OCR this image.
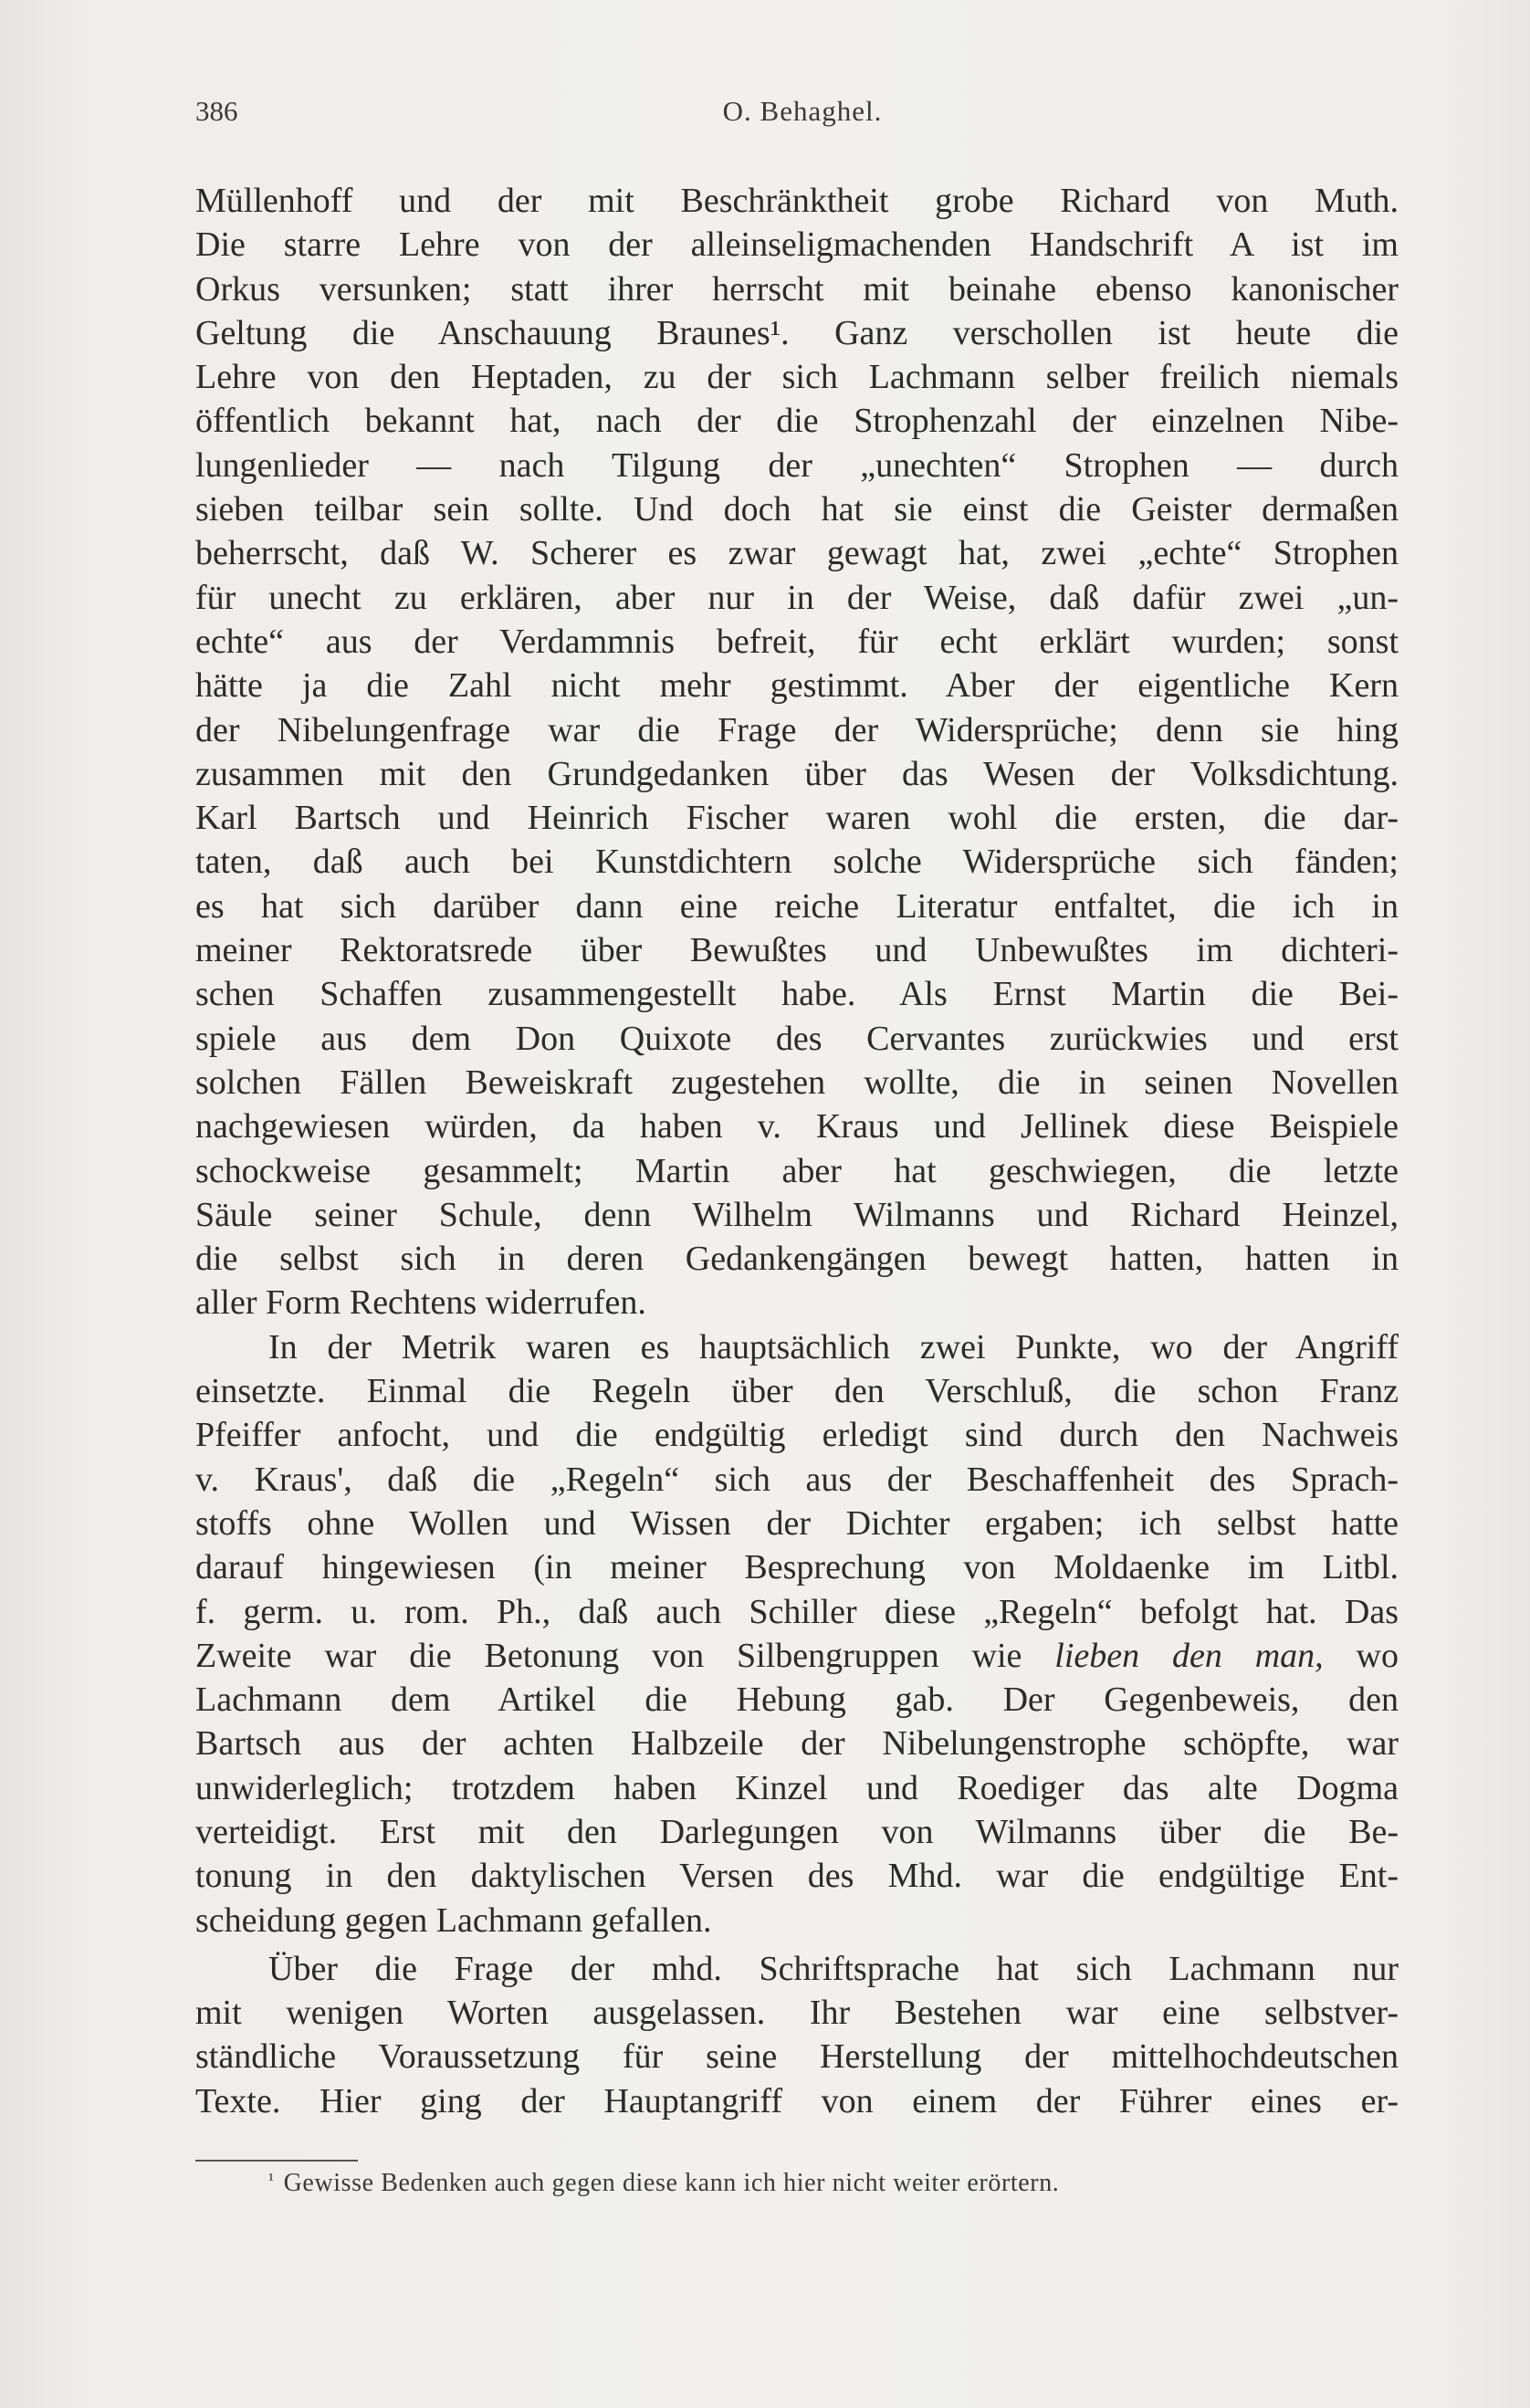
386	O. Behaghel.
Müllenhoff und der mit Beschränktheit grobe Richard von Muth.
Die starre Lehre von der alleinseligmachenden Handschrift A ist im
Orkus versunken; statt ihrer herrscht mit beinahe ebenso kanonischer
Geltung die Anschauung Braunes¹. Ganz verschollen ist heute die
Lehre von den Heptaden, zu der sich Lachmann selber freilich niemals
öffentlich bekannt hat, nach der die Strophenzahl der einzelnen Nibe-
lungenlieder — nach Tilgung der „unechten“ Strophen — durch
sieben teilbar sein sollte. Und doch hat sie einst die Geister dermaßen
beherrscht, daß W. Scherer es zwar gewagt hat, zwei „echte“ Strophen
für unecht zu erklären, aber nur in der Weise, daß dafür zwei „un-
echte“ aus der Verdammnis befreit, für echt erklärt wurden; sonst
hätte ja die Zahl nicht mehr gestimmt. Aber der eigentliche Kern
der Nibelungenfrage war die Frage der Widersprüche; denn sie hing
zusammen mit den Grundgedanken über das Wesen der Volksdichtung.
Karl Bartsch und Heinrich Fischer waren wohl die ersten, die dar-
taten, daß auch bei Kunstdichtern solche Widersprüche sich fänden;
es hat sich darüber dann eine reiche Literatur entfaltet, die ich in
meiner Rektoratsrede über Bewußtes und Unbewußtes im dichteri-
schen Schaffen zusammengestellt habe. Als Ernst Martin die Bei-
spiele aus dem Don Quixote des Cervantes zurückwies und erst
solchen Fällen Beweiskraft zugestehen wollte, die in seinen Novellen
nachgewiesen würden, da haben v. Kraus und Jellinek diese Beispiele
schockweise gesammelt; Martin aber hat geschwiegen, die letzte
Säule seiner Schule, denn Wilhelm Wilmanns und Richard Heinzel,
die selbst sich in deren Gedankengängen bewegt hatten, hatten in
aller Form Rechtens widerrufen.
In der Metrik waren es hauptsächlich zwei Punkte, wo der Angriff
einsetzte. Einmal die Regeln über den Verschluß, die schon Franz
Pfeiffer anfocht, und die endgültig erledigt sind durch den Nachweis
v. Kraus', daß die „Regeln“ sich aus der Beschaffenheit des Sprach-
stoffs ohne Wollen und Wissen der Dichter ergaben; ich selbst hatte
darauf hingewiesen (in meiner Besprechung von Moldaenke im Litbl.
f. germ. u. rom. Ph., daß auch Schiller diese „Regeln“ befolgt hat. Das
Zweite war die Betonung von Silbengruppen wie lieben den man, wo
Lachmann dem Artikel die Hebung gab. Der Gegenbeweis, den
Bartsch aus der achten Halbzeile der Nibelungenstrophe schöpfte, war
unwiderleglich; trotzdem haben Kinzel und Roediger das alte Dogma
verteidigt. Erst mit den Darlegungen von Wilmanns über die Be-
tonung in den daktylischen Versen des Mhd. war die endgültige Ent-
scheidung gegen Lachmann gefallen.
Über die Frage der mhd. Schriftsprache hat sich Lachmann nur
mit wenigen Worten ausgelassen. Ihr Bestehen war eine selbstver-
ständliche Voraussetzung für seine Herstellung der mittelhochdeutschen
Texte. Hier ging der Hauptangriff von einem der Führer eines er-
$^{^1}$ Gewisse Bedenken auch gegen diese kann ich hier nicht weiter erörtern.
